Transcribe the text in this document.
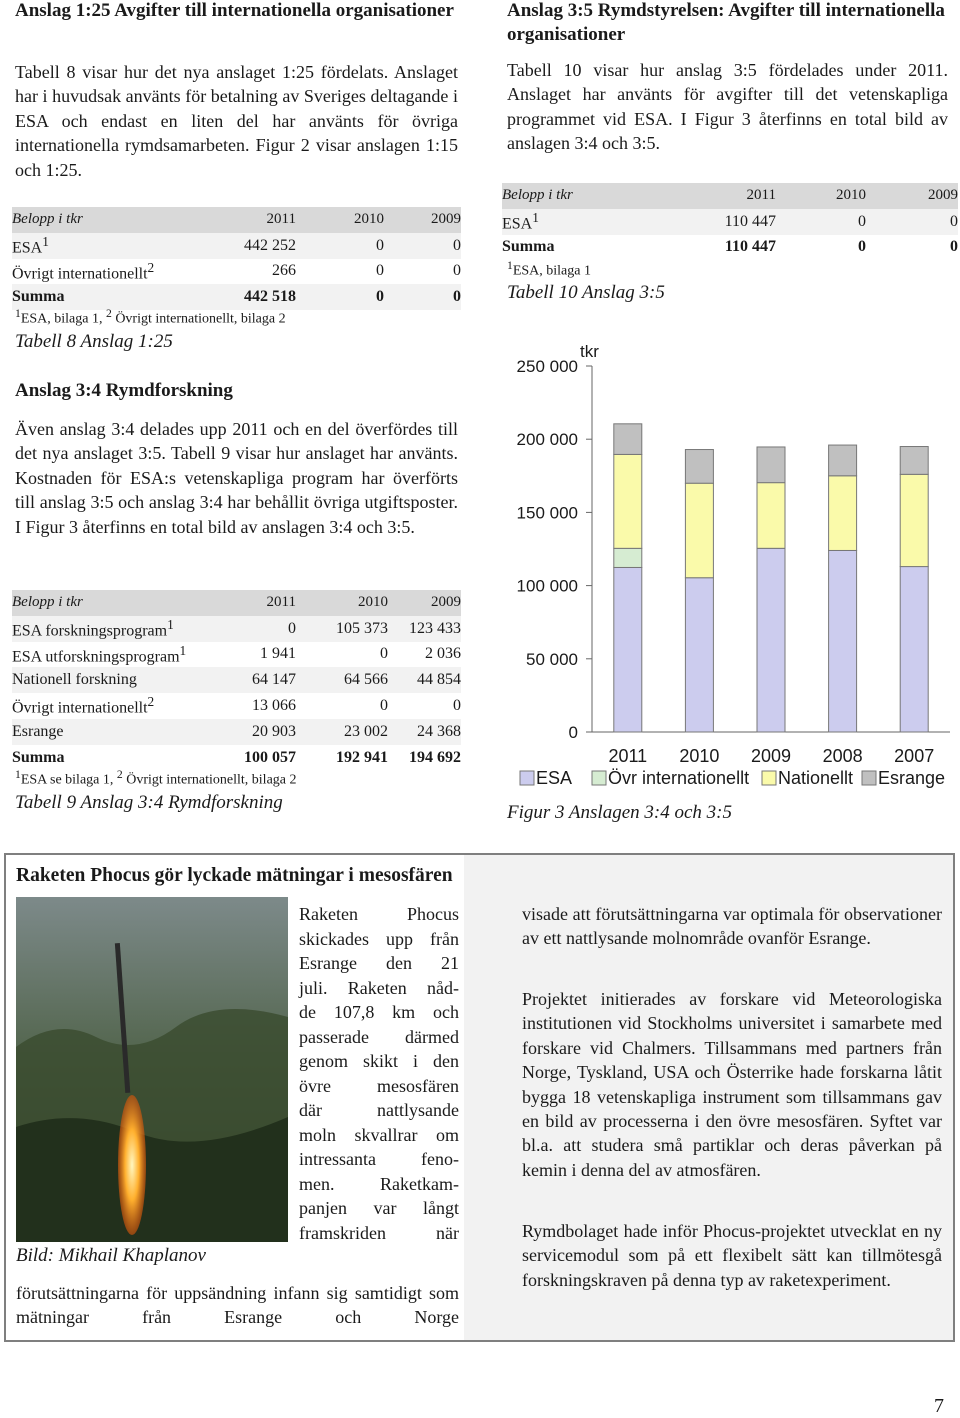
Anslag 1:25 Avgifter till internationella organisationer

Tabell 8 visar hur det nya anslaget 1:25 fördelats. Anslaget har i huvudsak använts för betalning av Sveriges deltagande i ESA och endast en liten del har använts för övriga internationella rymdsamarbeten. Figur 2 visar anslagen 1:15 och 1:25.

Belopp i tkr	2011	2010	2009
ESA$^1$	442 252	0	0
Övrigt internationellt$^2$	266	0	0
Summa	442 518	0	0
$^1$ESA, bilaga 1, $^2$ Övrigt internationellt, bilaga 2
Tabell 8 Anslag 1:25
Anslag 3:4 Rymdforskning

Även anslag 3:4 delades upp 2011 och en del överfördes till det nya anslaget 3:5. Tabell 9 visar hur anslaget har använts. Kostnaden för ESA:s vetenskapliga program har överförts till anslag 3:5 och anslag 3:4 har behållit övriga utgiftsposter. I Figur 3 återfinns en total bild av anslagen 3:4 och 3:5.

Belopp i tkr	2011	2010	2009
ESA forskningsprogram$^1$	0	105 373	123 433
ESA utforskningsprogram$^1$	1 941	0	2 036
Nationell forskning	64 147	64 566	44 854
Övrigt internationellt$^2$	13 066	0	0
Esrange	20 903	23 002	24 368
Summa	100 057	192 941	194 692
$^1$ESA se bilaga 1, $^2$ Övrigt internationellt, bilaga 2
Tabell 9 Anslag 3:4 Rymdforskning
Anslag 3:5 Rymdstyrelsen: Avgifter till internationella organisationer

Tabell 10 visar hur anslag 3:5 fördelades under 2011. Anslaget har använts för avgifter till det vetenskapliga programmet vid ESA. I Figur 3 återfinns en total bild av anslagen 3:4 och 3:5.

Belopp i tkr	2011	2010	2009
ESA$^1$	110 447	0	0
Summa	110 447	0	0
$^1$ESA, bilaga 1
Tabell 10 Anslag 3:5
tkr
0
50 000
100 000
150 000
200 000
250 000
2011 2010 2009 2008 2007
ESA Övr internationellt Nationellt Esrange
Figur 3 Anslagen 3:4 och 3:5
Raketen Phocus gör lyckade mätningar i mesosfären
Bild: Mikhail Khaplanov
Raketen Phocus
skickades upp från
Esrange den 21
juli. Raketen nåd-
de 107,8 km och
passerade därmed
genom skikt i den
övre mesosfären
där nattlysande
moln skvallrar om
intressanta feno-
men. Raketkam-
panjen var långt
framskriden när

förutsättningarna för uppsändning infann sig samtidigt som mätningar från Esrange och Norge

visade att förutsättningarna var optimala för observationer av ett nattlysande molnområde ovanför Esrange.

Projektet initierades av forskare vid Meteorologiska institutionen vid Stockholms universitet i samarbete med forskare vid Chalmers. Tillsammans med partners från Norge, Tyskland, USA och Österrike hade forskarna låtit bygga 18 vetenskapliga instrument som tillsammans gav en bild av processerna i den övre mesosfären. Syftet var bl.a. att studera små partiklar och deras påverkan på kemin i denna del av atmosfären.

Rymdbolaget hade inför Phocus-projektet utvecklat en ny servicemodul som på ett flexibelt sätt kan tillmötesgå forskningskraven på denna typ av raketexperiment.

7
